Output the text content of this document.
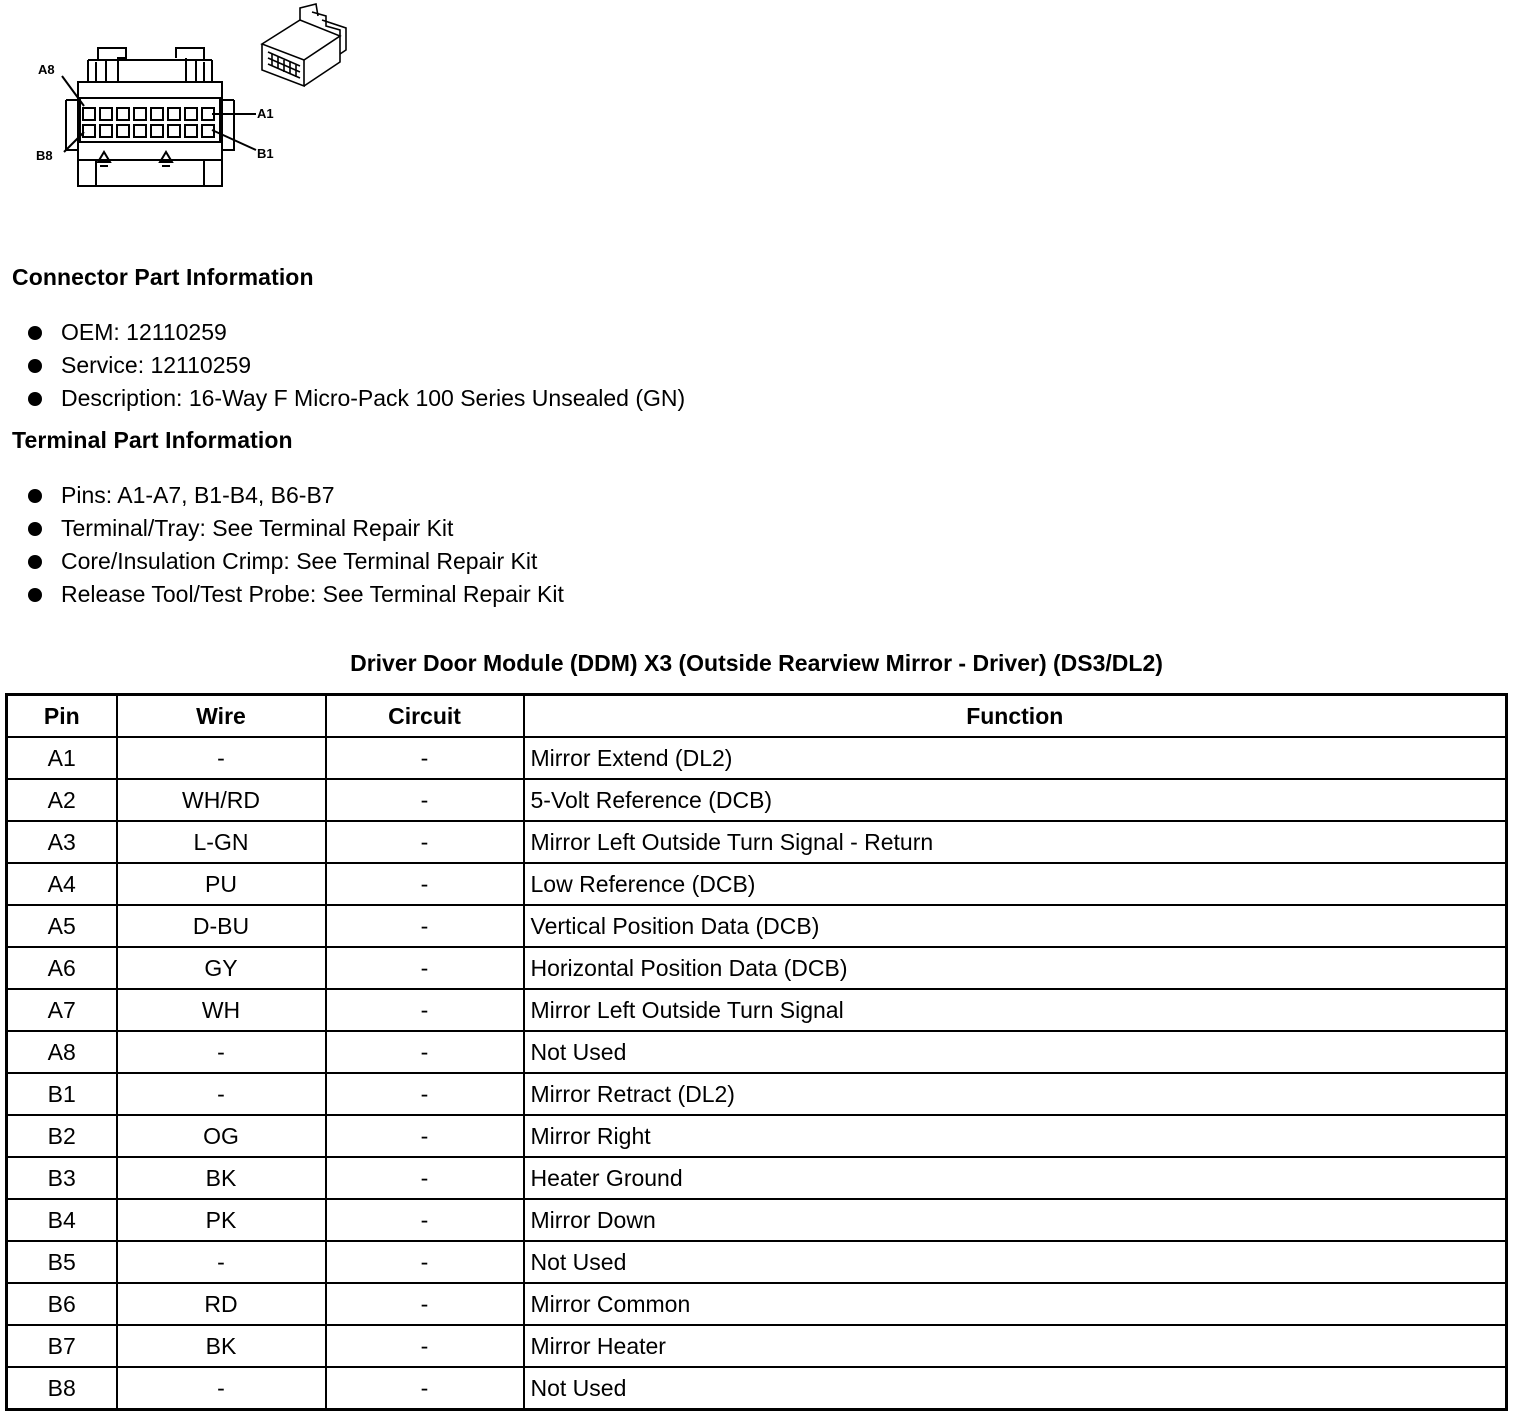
A8
A1
B8	B1
Connector Part Information
OEM: 12110259
Service: 12110259
Description: 16-Way F Micro-Pack 100 Series Unsealed (GN)
Terminal Part Information
Pins: A1-A7, B1-B4, B6-B7
Terminal/Tray: See Terminal Repair Kit
Core/Insulation Crimp: See Terminal Repair Kit
Release Tool/Test Probe: See Terminal Repair Kit
Driver Door Module (DDM) X3 (Outside Rearview Mirror - Driver) (DS3/DL2)
Pin	Wire	Circuit	Function
A1	-	-	Mirror Extend (DL2)
A2	WH/RD	-	5-Volt Reference (DCB)
A3	L-GN	-	Mirror Left Outside Turn Signal - Return
A4	PU	-	Low Reference (DCB)
A5	D-BU	-	Vertical Position Data (DCB)
A6	GY	-	Horizontal Position Data (DCB)
A7	WH	-	Mirror Left Outside Turn Signal
A8	-	-	Not Used
B1	-	-	Mirror Retract (DL2)
B2	OG	-	Mirror Right
B3	BK	-	Heater Ground
B4	PK	-	Mirror Down
B5	-	-	Not Used
B6	RD	-	Mirror Common
B7	BK	-	Mirror Heater
B8	-	-	Not Used
